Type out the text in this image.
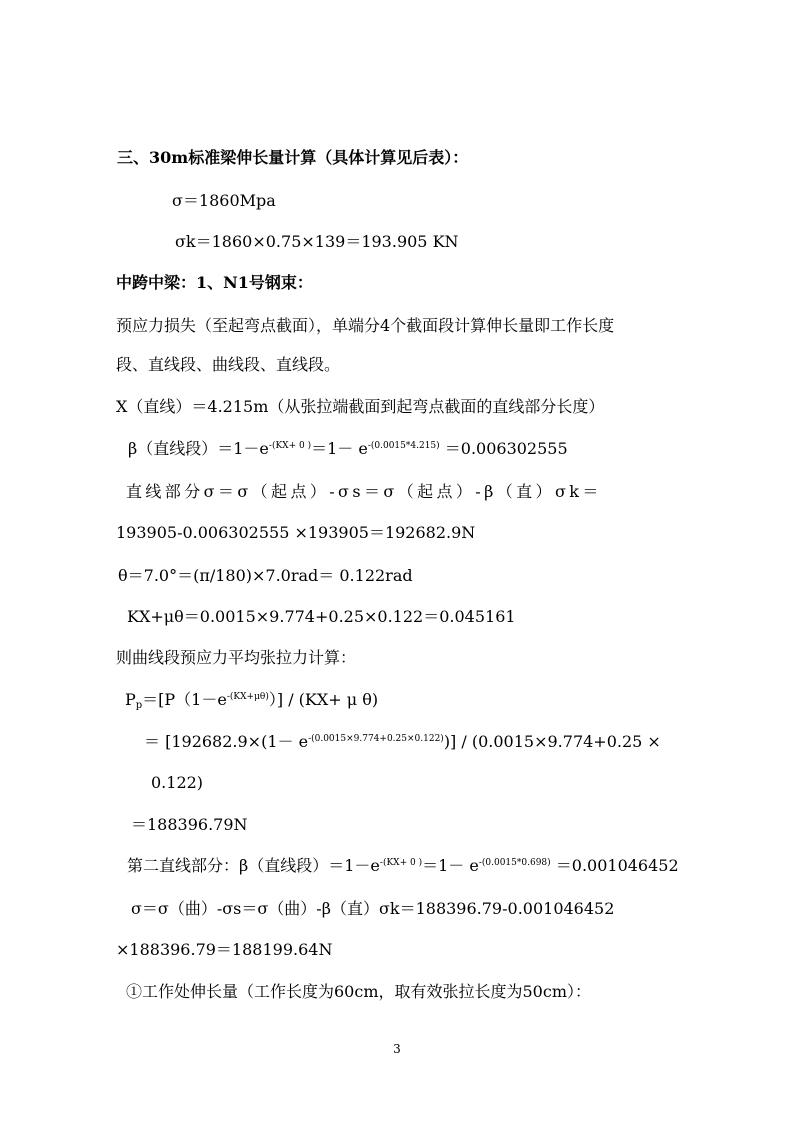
三、30m标准梁伸长量计算（具体计算见后表）：
σ＝1860Mpa
σk＝1860×0.75×139＝193.905 KN
中跨中梁：1、N1号钢束：
预应力损失（至起弯点截面），单端分4个截面段计算伸长量即工作长度
段、直线段、曲线段、直线段。
X（直线）＝4.215m（从张拉端截面到起弯点截面的直线部分长度）
β（直线段）$=1-e^{-(KX+ 0 )}=1- e^{-(0.0015*4.215)} =0.006302555$
直线部分σ＝σ（起点）-σs＝σ（起点）-β（直）σk＝
193905-0.006302555 ×193905＝192682.9N
θ＝7.0°＝(π/180)×7.0rad＝ 0.122rad
KX+μθ＝0.0015×9.774+0.25×0.122＝0.045161
则曲线段预应力平均张拉力计算：
$P_p=[P(1-e^{-(KX+\mu\theta)})] / (KX+ \mu$ θ)
＝ $[192682.9\times(1- e^{-(0.0015\times 9.774+0.25\times 0.122)})] / (0.0015\times 9.774+0.25$ ×
0.122)
＝188396.79N
第二直线部分：β（直线段）$=1-e^{-(KX+ 0 )}=1- e^{-(0.0015*0.698)} =0.001046452$
σ＝σ（曲）-σs＝σ（曲）-β（直）σk＝188396.79-0.001046452
×188396.79＝188199.64N
①工作处伸长量（工作长度为60cm，取有效张拉长度为50cm）：
3
